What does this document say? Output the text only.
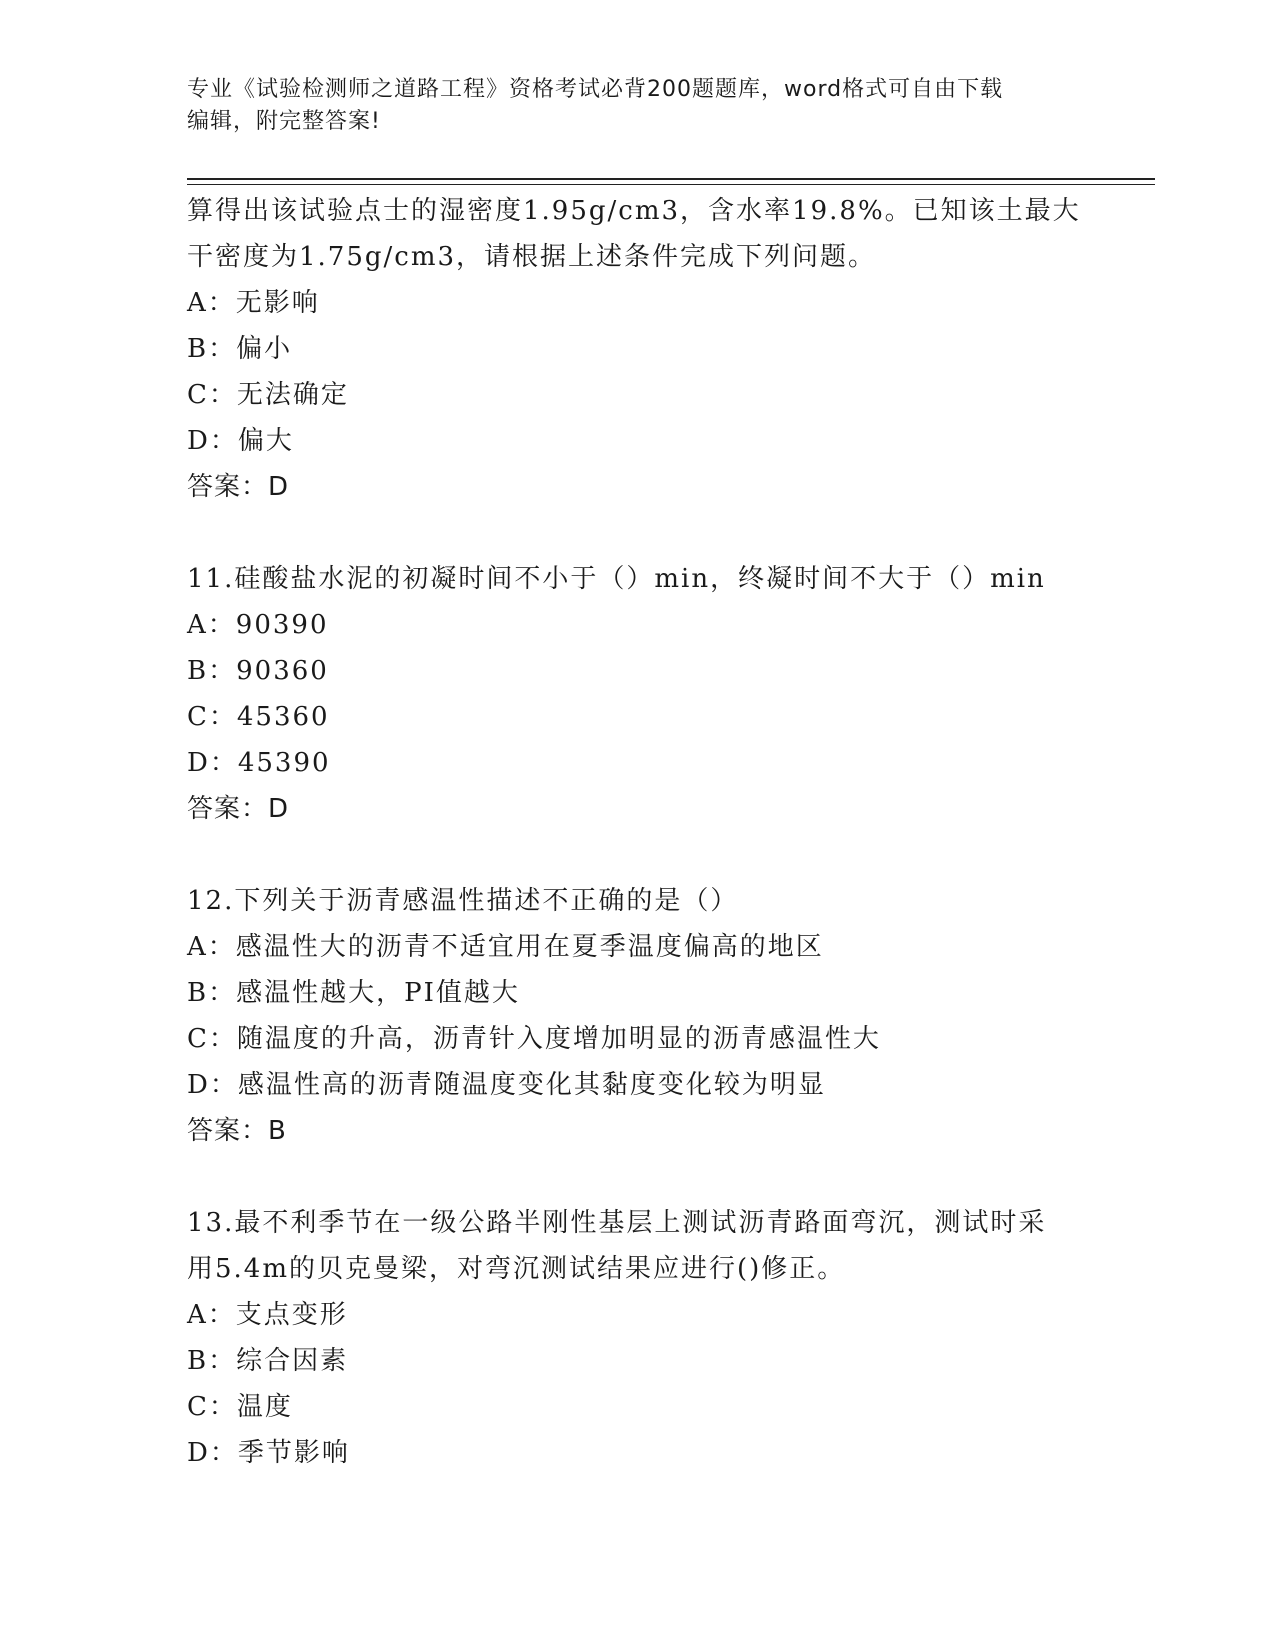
专业《试验检测师之道路工程》资格考试必背200题题库，word格式可自由下载
编辑，附完整答案!
算得出该试验点士的湿密度1.95g/cm3，含水率19.8%。已知该土最大
干密度为1.75g/cm3，请根据上述条件完成下列问题。
A：无影响
B：偏小
C：无法确定
D：偏大
答案：D
11.硅酸盐水泥的初凝时间不小于（）min，终凝时间不大于（）min
A：90390
B：90360
C：45360
D：45390
答案：D
12.下列关于沥青感温性描述不正确的是（）
A：感温性大的沥青不适宜用在夏季温度偏高的地区
B：感温性越大，PI值越大
C：随温度的升高，沥青针入度增加明显的沥青感温性大
D：感温性高的沥青随温度变化其黏度变化较为明显
答案：B
13.最不利季节在一级公路半刚性基层上测试沥青路面弯沉，测试时采
用5.4m的贝克曼梁，对弯沉测试结果应进行()修正。
A：支点变形
B：综合因素
C：温度
D：季节影响
